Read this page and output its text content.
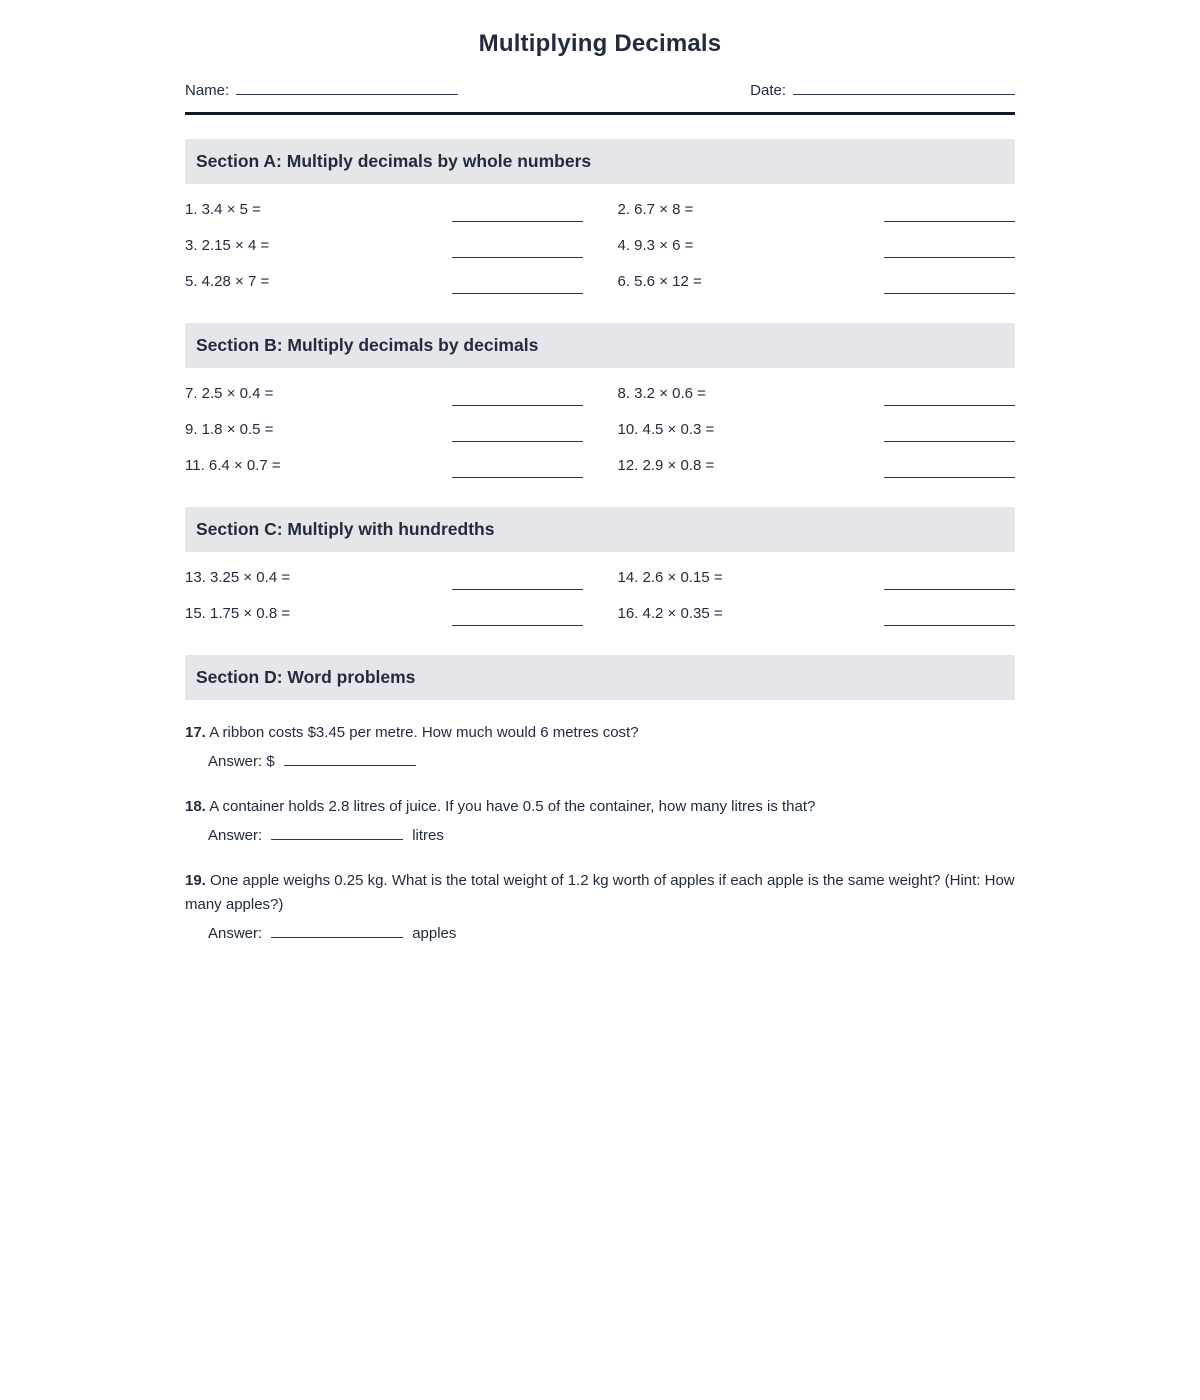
Multiplying Decimals
Name:	Date:
Section A: Multiply decimals by whole numbers
1. 3.4 × 5 =	2. 6.7 × 8 =
3. 2.15 × 4 =	4. 9.3 × 6 =
5. 4.28 × 7 =	6. 5.6 × 12 =
Section B: Multiply decimals by decimals
7. 2.5 × 0.4 =	8. 3.2 × 0.6 =
9. 1.8 × 0.5 =	10. 4.5 × 0.3 =
11. 6.4 × 0.7 =	12. 2.9 × 0.8 =
Section C: Multiply with hundredths
13. 3.25 × 0.4 =	14. 2.6 × 0.15 =
15. 1.75 × 0.8 =	16. 4.2 × 0.35 =
Section D: Word problems

17. A ribbon costs $3.45 per metre. How much would 6 metres cost?

Answer: $

18. A container holds 2.8 litres of juice. If you have 0.5 of the container, how many litres is that?

Answer:	litres

19. One apple weighs 0.25 kg. What is the total weight of 1.2 kg worth of apples if each apple is the same weight? (Hint: How many apples?)

Answer:	apples
